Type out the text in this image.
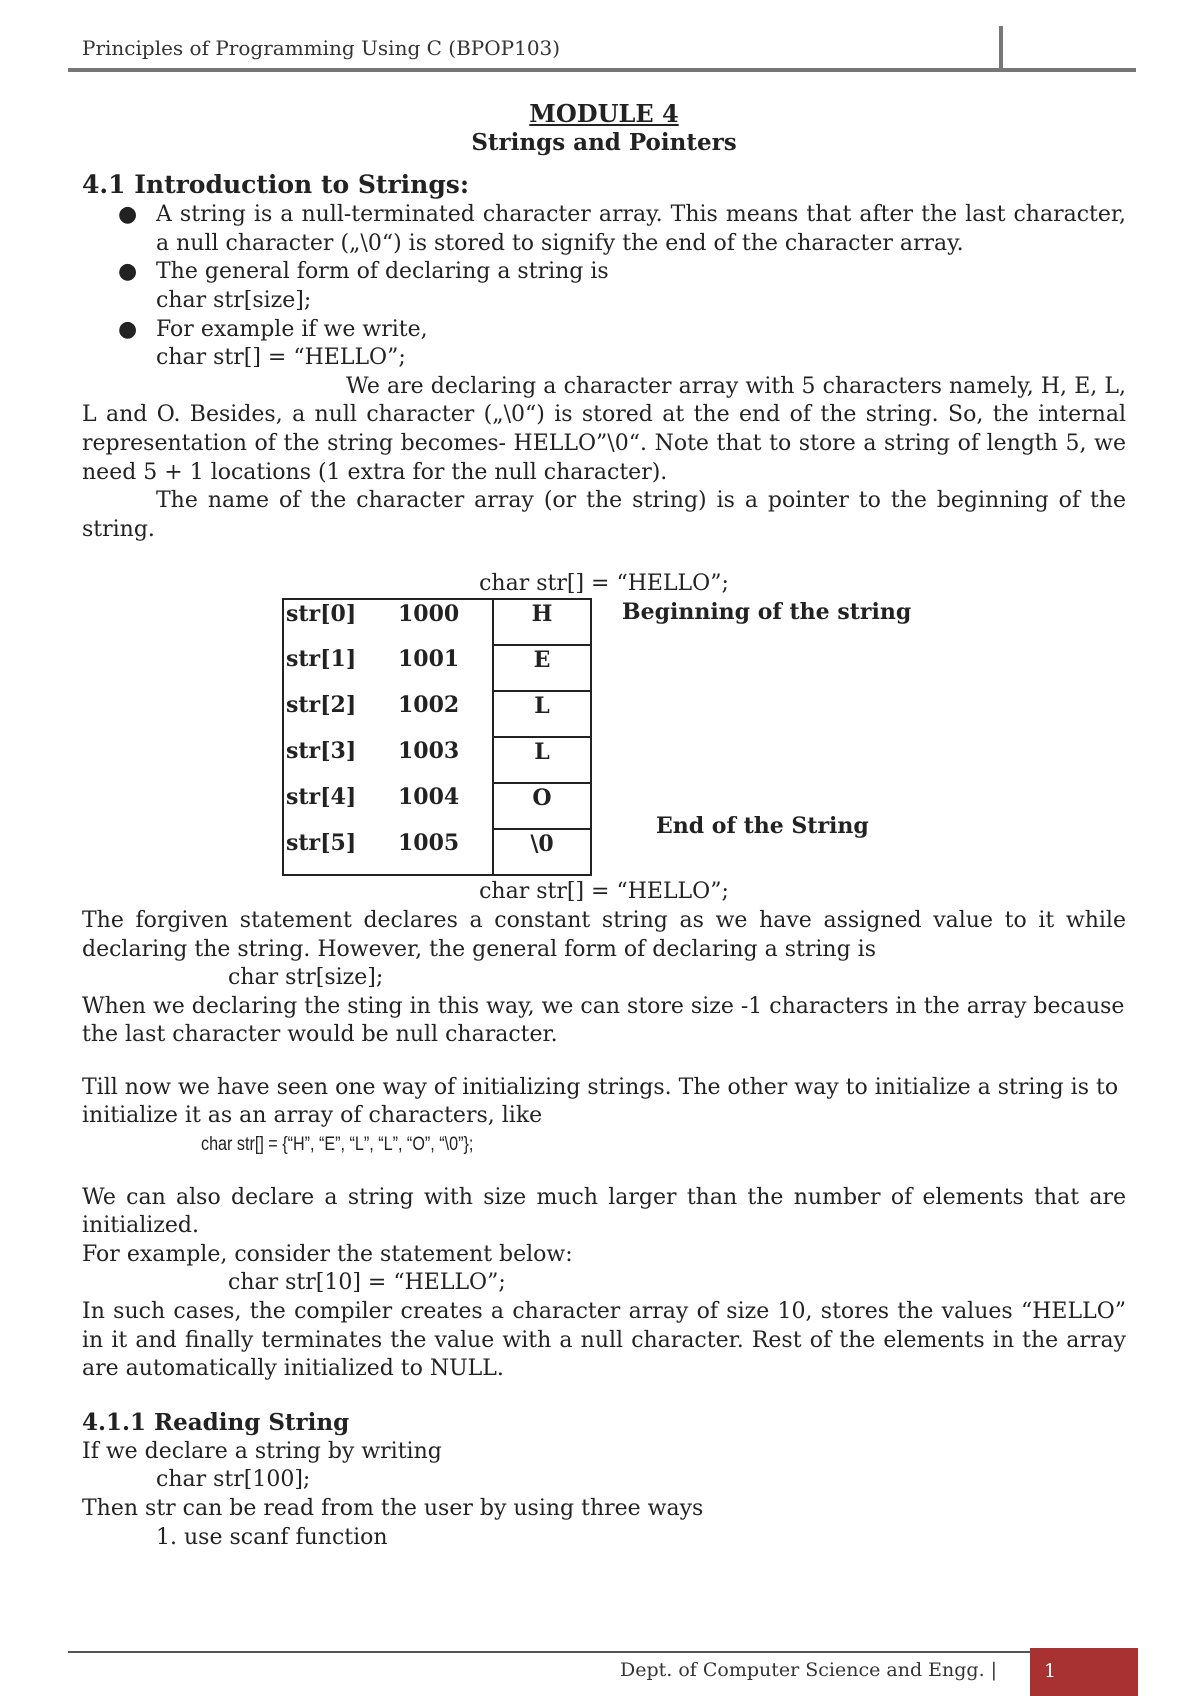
Principles of Programming Using C (BPOP103)
MODULE 4
Strings and Pointers
4.1 Introduction to Strings:
● A string is a null-terminated character array. This means that after the last character, a null character („\0“) is stored to signify the end of the character array.
● The general form of declaring a string is
char str[size];
● For example if we write,
char str[] = “HELLO”;

We are declaring a character array with 5 characters namely, H, E, L, L and O. Besides, a null character („\0“) is stored at the end of the string. So, the internal representation of the string becomes- HELLO”\0“. Note that to store a string of length 5, we need 5 + 1 locations (1 extra for the null character).

The name of the character array (or the string) is a pointer to the beginning of the string.

char str[] = “HELLO”;
str[0]	1000	H
str[1]	1001	E
str[2]	1002	L
str[3]	1003	L
str[4]	1004	O
str[5]	1005	\0
Beginning of the string
End of the String
char str[] = “HELLO”;

The forgiven statement declares a constant string as we have assigned value to it while declaring the string. However, the general form of declaring a string is

char str[size];

When we declaring the sting in this way, we can store size -1 characters in the array because the last character would be null character.

Till now we have seen one way of initializing strings. The other way to initialize a string is to initialize it as an array of characters, like

char str[] = {“H”, “E”, “L”, “L”, “O”, “\0”};

We can also declare a string with size much larger than the number of elements that are initialized.

For example, consider the statement below:

char str[10] = “HELLO”;

In such cases, the compiler creates a character array of size 10, stores the values “HELLO” in it and finally terminates the value with a null character. Rest of the elements in the array are automatically initialized to NULL.

4.1.1 Reading String

If we declare a string by writing

char str[100];

Then str can be read from the user by using three ways

1. use scanf function
Dept. of Computer Science and Engg. | 1
